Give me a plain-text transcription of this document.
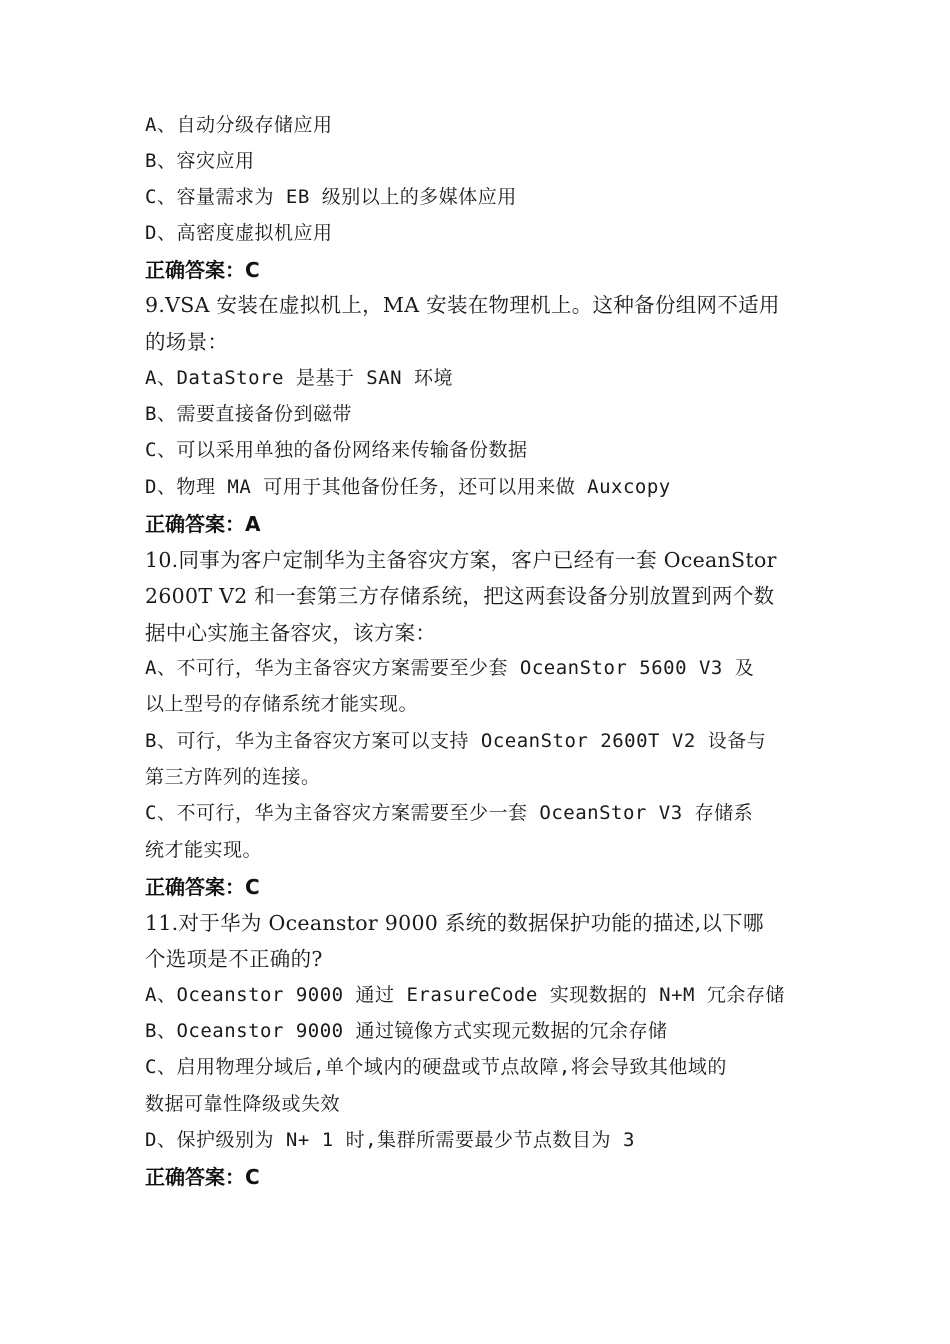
A、自动分级存储应用
B、容灾应用
C、容量需求为 EB 级别以上的多媒体应用
D、高密度虚拟机应用
正确答案：C
9.VSA 安装在虚拟机上，MA 安装在物理机上。这种备份组网不适用
的场景：
A、DataStore 是基于 SAN 环境
B、需要直接备份到磁带
C、可以采用单独的备份网络来传输备份数据
D、物理 MA 可用于其他备份任务，还可以用来做 Auxcopy
正确答案：A
10.同事为客户定制华为主备容灾方案，客户已经有一套 OceanStor
2600T V2 和一套第三方存储系统，把这两套设备分别放置到两个数
据中心实施主备容灾，该方案：
A、不可行，华为主备容灾方案需要至少套 OceanStor 5600 V3 及
以上型号的存储系统才能实现。
B、可行，华为主备容灾方案可以支持 OceanStor 2600T V2 设备与
第三方阵列的连接。
C、不可行，华为主备容灾方案需要至少一套 OceanStor V3 存储系
统才能实现。
正确答案：C
11.对于华为 Oceanstor 9000 系统的数据保护功能的描述,以下哪
个选项是不正确的?
A、Oceanstor 9000 通过 ErasureCode 实现数据的 N+M 冗余存储
B、Oceanstor 9000 通过镜像方式实现元数据的冗余存储
C、启用物理分域后,单个域内的硬盘或节点故障,将会导致其他域的
数据可靠性降级或失效
D、保护级别为 N+ 1 时,集群所需要最少节点数目为 3
正确答案：C
